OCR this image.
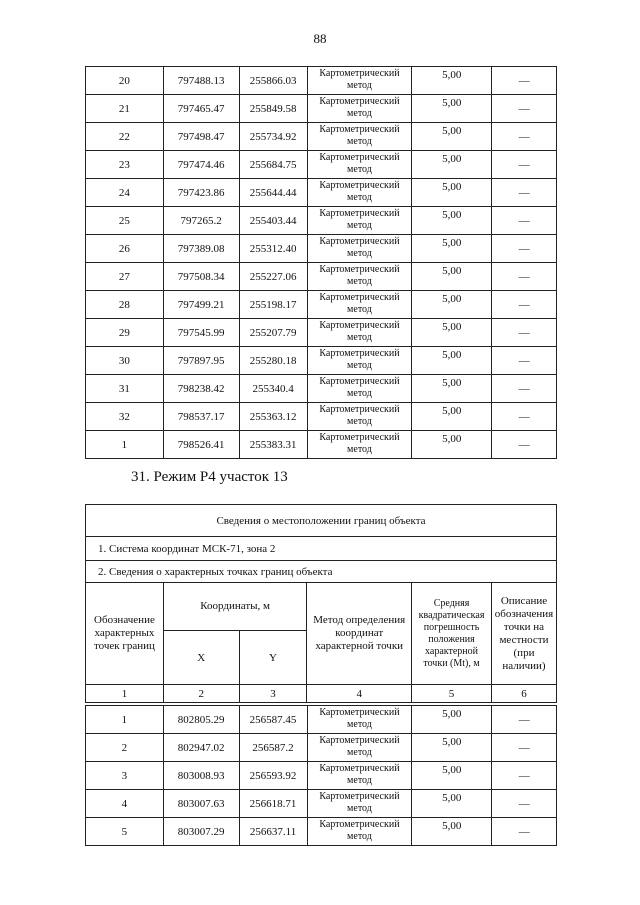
88
20	797488.13	255866.03	Картометрический метод	5,00	—
21	797465.47	255849.58	Картометрический метод	5,00	—
22	797498.47	255734.92	Картометрический метод	5,00	—
23	797474.46	255684.75	Картометрический метод	5,00	—
24	797423.86	255644.44	Картометрический метод	5,00	—
25	797265.2	255403.44	Картометрический метод	5,00	—
26	797389.08	255312.40	Картометрический метод	5,00	—
27	797508.34	255227.06	Картометрический метод	5,00	—
28	797499.21	255198.17	Картометрический метод	5,00	—
29	797545.99	255207.79	Картометрический метод	5,00	—
30	797897.95	255280.18	Картометрический метод	5,00	—
31	798238.42	255340.4	Картометрический метод	5,00	—
32	798537.17	255363.12	Картометрический метод	5,00	—
1	798526.41	255383.31	Картометрический метод	5,00	—
31. Режим Р4 участок 13
Сведения о местоположении границ объекта					
1. Система координат МСК-71, зона 2					
2. Сведения о характерных точках границ объекта					
Обозначение характерных точек границ	Координаты, м		Метод определения координат характерной точки	Средняя квадратическая погрешность положения характерной точки (Mt), м	Описание обозначения точки на местности (при наличии)
	X	Y			
1	2	3	4	5	6
1	802805.29	256587.45	Картометрический метод	5,00	—
2	802947.02	256587.2	Картометрический метод	5,00	—
3	803008.93	256593.92	Картометрический метод	5,00	—
4	803007.63	256618.71	Картометрический метод	5,00	—
5	803007.29	256637.11	Картометрический метод	5,00	—
